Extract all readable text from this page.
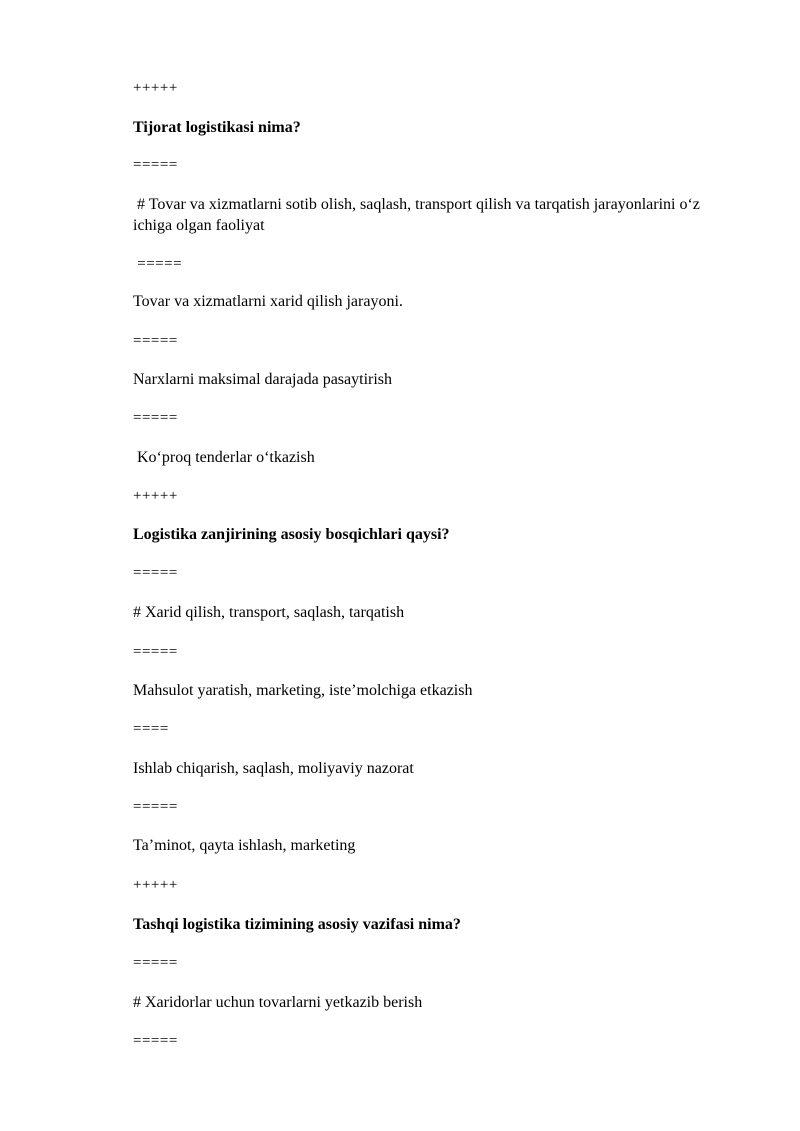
+++++
Tijorat logistikasi nima?
=====
# Tovar va xizmatlarni sotib olish, saqlash, transport qilish va tarqatish jarayonlarini o‘z ichiga olgan faoliyat
=====
Tovar va xizmatlarni xarid qilish jarayoni.
=====
Narxlarni maksimal darajada pasaytirish
=====
Ko‘proq tenderlar o‘tkazish
+++++
Logistika zanjirining asosiy bosqichlari qaysi?
=====
# Xarid qilish, transport, saqlash, tarqatish
=====
Mahsulot yaratish, marketing, iste’molchiga etkazish
====
Ishlab chiqarish, saqlash, moliyaviy nazorat
=====
Ta’minot, qayta ishlash, marketing
+++++
Tashqi logistika tizimining asosiy vazifasi nima?
=====
# Xaridorlar uchun tovarlarni yetkazib berish
=====
